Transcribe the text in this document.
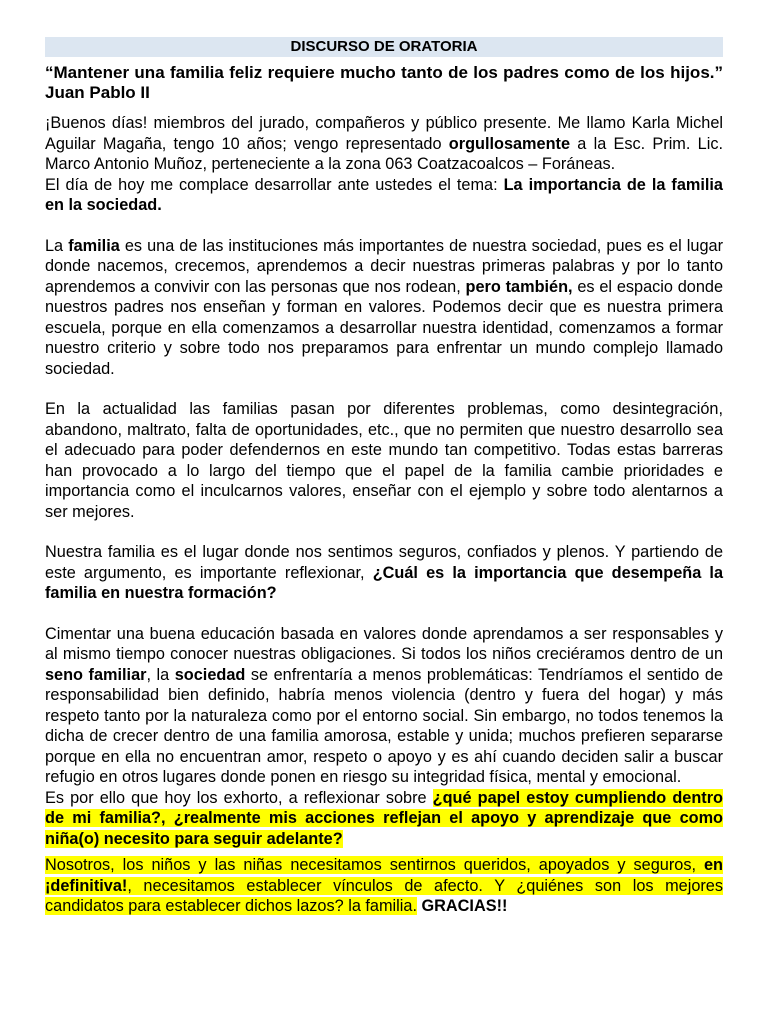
DISCURSO DE ORATORIA
“Mantener una familia feliz requiere mucho tanto de los padres como de los hijos.” Juan Pablo II

¡Buenos días! miembros del jurado, compañeros y público presente. Me llamo Karla Michel Aguilar Magaña, tengo 10 años; vengo representado orgullosamente a la Esc. Prim. Lic. Marco Antonio Muñoz, perteneciente a la zona 063 Coatzacoalcos – Foráneas.

El día de hoy me complace desarrollar ante ustedes el tema: La importancia de la familia en la sociedad.

La familia es una de las instituciones más importantes de nuestra sociedad, pues es el lugar donde nacemos, crecemos, aprendemos a decir nuestras primeras palabras y por lo tanto aprendemos a convivir con las personas que nos rodean, pero también, es el espacio donde nuestros padres nos enseñan y forman en valores. Podemos decir que es nuestra primera escuela, porque en ella comenzamos a desarrollar nuestra identidad, comenzamos a formar nuestro criterio y sobre todo nos preparamos para enfrentar un mundo complejo llamado sociedad.

En la actualidad las familias pasan por diferentes problemas, como desintegración, abandono, maltrato, falta de oportunidades, etc., que no permiten que nuestro desarrollo sea el adecuado para poder defendernos en este mundo tan competitivo. Todas estas barreras han provocado a lo largo del tiempo que el papel de la familia cambie prioridades e importancia como el inculcarnos valores, enseñar con el ejemplo y sobre todo alentarnos a ser mejores.

Nuestra familia es el lugar donde nos sentimos seguros, confiados y plenos. Y partiendo de este argumento, es importante reflexionar, ¿Cuál es la importancia que desempeña la familia en nuestra formación?

Cimentar una buena educación basada en valores donde aprendamos a ser responsables y al mismo tiempo conocer nuestras obligaciones. Si todos los niños creciéramos dentro de un seno familiar, la sociedad se enfrentaría a menos problemáticas: Tendríamos el sentido de responsabilidad bien definido, habría menos violencia (dentro y fuera del hogar) y más respeto tanto por la naturaleza como por el entorno social. Sin embargo, no todos tenemos la dicha de crecer dentro de una familia amorosa, estable y unida; muchos prefieren separarse porque en ella no encuentran amor, respeto o apoyo y es ahí cuando deciden salir a buscar refugio en otros lugares donde ponen en riesgo su integridad física, mental y emocional.

Es por ello que hoy los exhorto, a reflexionar sobre ¿qué papel estoy cumpliendo dentro de mi familia?, ¿realmente mis acciones reflejan el apoyo y aprendizaje que como niña(o) necesito para seguir adelante?

Nosotros, los niños y las niñas necesitamos sentirnos queridos, apoyados y seguros, en ¡definitiva!, necesitamos establecer vínculos de afecto. Y ¿quiénes son los mejores candidatos para establecer dichos lazos? la familia. GRACIAS!!
